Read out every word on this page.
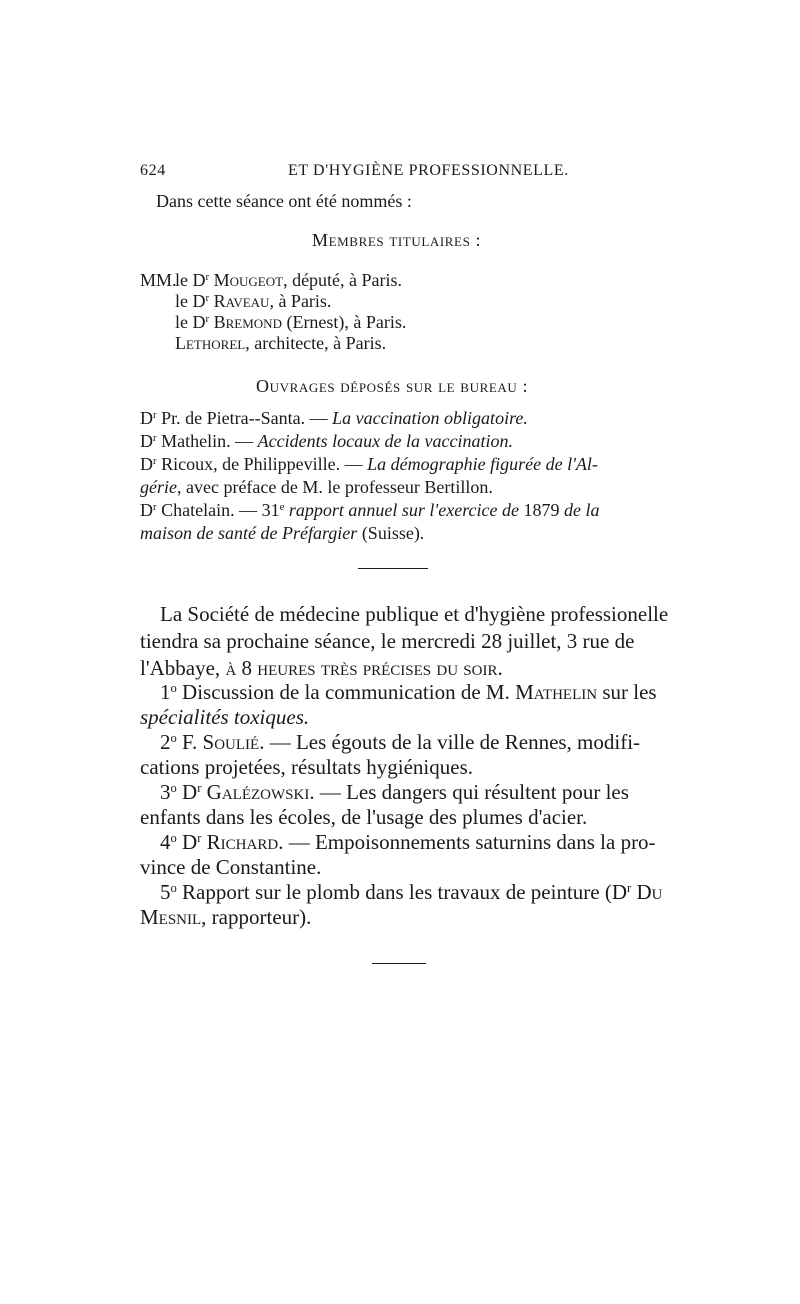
624	ET D'HYGIÈNE PROFESSIONNELLE.
Dans cette séance ont été nommés :
Membres titulaires :
MM.
le $D^r$ Mougeot, député, à Paris.
le $D^r$ Raveau, à Paris.
le $D^r$ Bremond (Ernest), à Paris.
Lethorel, architecte, à Paris.
Ouvrages déposés sur le bureau :
$D^r$ Pr. de Pietra--Santa. — La vaccination obligatoire.
$D^r$ Mathelin. — Accidents locaux de la vaccination.
$D^r$ Ricoux, de Philippeville. — La démographie figurée de l'Al-
gérie, avec préface de M. le professeur Bertillon.
$D^r$ Chatelain. — 31e rapport annuel sur l'exercice de 1879 de la
maison de santé de Préfargier (Suisse).
La Société de médecine publique et d'hygiène professionelle
tiendra sa prochaine séance, le mercredi 28 juillet, 3 rue de
l'Abbaye, à 8 heures très précises du soir.
1$^o$ Discussion de la communication de M. Mathelin sur les
spécialités toxiques.
2$^o$ F. Soulié. — Les égouts de la ville de Rennes, modifi-
cations projetées, résultats hygiéniques.
3$^o$ $D^r$ Galézowski. — Les dangers qui résultent pour les
enfants dans les écoles, de l'usage des plumes d'acier.
4$^o$ $D^r$ Richard. — Empoisonnements saturnins dans la pro-
vince de Constantine.
5$^o$ Rapport sur le plomb dans les travaux de peinture ($D^r$ Du
Mesnil, rapporteur).
